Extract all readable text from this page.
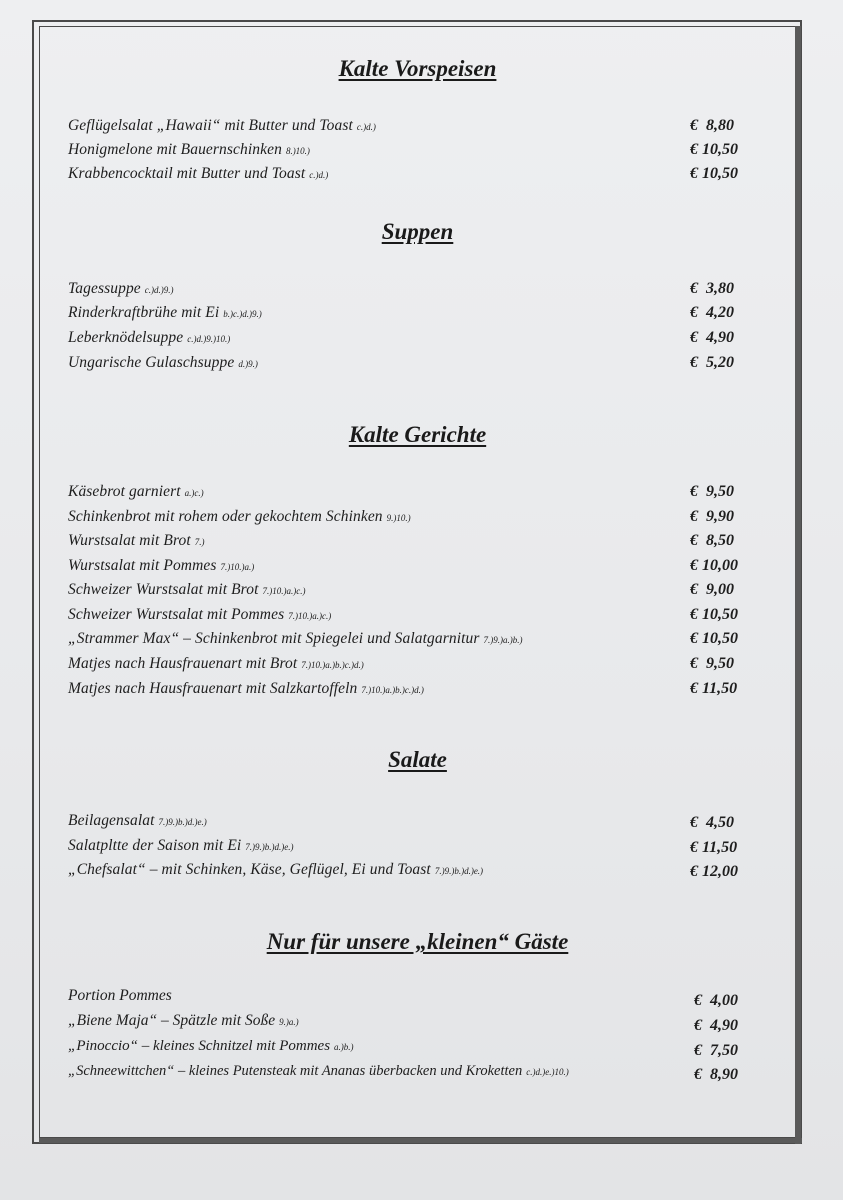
Kalte Vorspeisen
Geflügelsalat „Hawaii“ mit Butter und Toast c.)d.)	€  8,80
Honigmelone mit Bauernschinken 8.)10.)	€ 10,50
Krabbencocktail mit Butter und Toast c.)d.)	€ 10,50
Suppen
Tagessuppe c.)d.)9.)	€  3,80
Rinderkraftbrühe mit Ei b.)c.)d.)9.)	€  4,20
Leberknödelsuppe c.)d.)9.)10.)	€  4,90
Ungarische Gulaschsuppe d.)9.)	€  5,20
Kalte Gerichte
Käsebrot garniert a.)c.)	€  9,50
Schinkenbrot mit rohem oder gekochtem Schinken 9.)10.)	€  9,90
Wurstsalat mit Brot 7.)	€  8,50
Wurstsalat mit Pommes 7.)10.)a.)	€ 10,00
Schweizer Wurstsalat mit Brot 7.)10.)a.)c.)	€  9,00
Schweizer Wurstsalat mit Pommes 7.)10.)a.)c.)	€ 10,50
„Strammer Max“ – Schinkenbrot mit Spiegelei und Salatgarnitur 7.)9.)a.)b.)	€ 10,50
Matjes nach Hausfrauenart mit Brot 7.)10.)a.)b.)c.)d.)	€  9,50
Matjes nach Hausfrauenart mit Salzkartoffeln 7.)10.)a.)b.)c.)d.)	€ 11,50
Salate
Beilagensalat 7.)9.)b.)d.)e.)	€  4,50
Salatpltte der Saison mit Ei 7.)9.)b.)d.)e.)	€ 11,50
„Chefsalat“ – mit Schinken, Käse, Geflügel, Ei und Toast 7.)9.)b.)d.)e.)	€ 12,00
Nur für unsere „kleinen“ Gäste
Portion Pommes	€  4,00
„Biene Maja“ – Spätzle mit Soße 9.)a.)	€  4,90
„Pinoccio“ – kleines Schnitzel mit Pommes a.)b.)	€  7,50
„Schneewittchen“ – kleines Putensteak mit Ananas überbacken und Kroketten c.)d.)e.)10.)	€  8,90
